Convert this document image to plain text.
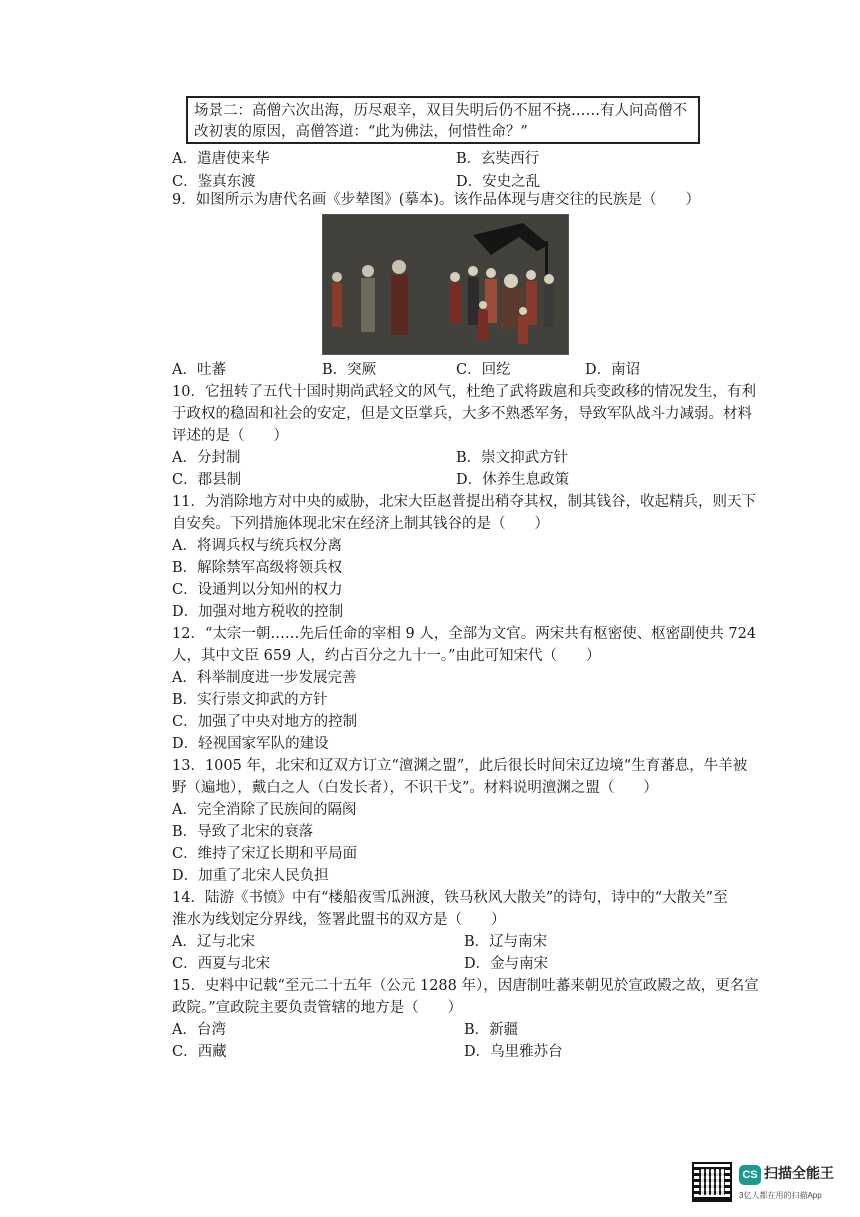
场景二：高僧六次出海，历尽艰辛，双目失明后仍不屈不挠……有人问高僧不改初衷的原因，高僧答道：“此为佛法，何惜性命？”
A．遣唐使来华	B．玄奘西行
C．鉴真东渡	D．安史之乱
9．如图所示为唐代名画《步辇图》(摹本)。该作品体现与唐交往的民族是（　　）
A．吐蕃	B．突厥	C．回纥	D．南诏
10．它扭转了五代十国时期尚武轻文的风气，杜绝了武将跋扈和兵变政移的情况发生，有利
于政权的稳固和社会的安定，但是文臣掌兵，大多不熟悉军务，导致军队战斗力减弱。材料
评述的是（　　）
A．分封制	B．崇文抑武方针
C．郡县制	D．休养生息政策
11．为消除地方对中央的威胁，北宋大臣赵普提出稍夺其权，制其钱谷，收起精兵，则天下
自安矣。下列措施体现北宋在经济上制其钱谷的是（　　）
A．将调兵权与统兵权分离
B．解除禁军高级将领兵权
C．设通判以分知州的权力
D．加强对地方税收的控制
12．“太宗一朝……先后任命的宰相 9 人，全部为文官。两宋共有枢密使、枢密副使共 724
人，其中文臣 659 人，约占百分之九十一。”由此可知宋代（　　）
A．科举制度进一步发展完善
B．实行崇文抑武的方针
C．加强了中央对地方的控制
D．轻视国家军队的建设
13．1005 年，北宋和辽双方订立“澶渊之盟”，此后很长时间宋辽边境“生育蕃息，牛羊被
野（遍地），戴白之人（白发长者），不识干戈”。材料说明澶渊之盟（　　）
A．完全消除了民族间的隔阂
B．导致了北宋的衰落
C．维持了宋辽长期和平局面
D．加重了北宋人民负担
14．陆游《书愤》中有“楼船夜雪瓜洲渡，铁马秋风大散关”的诗句，诗中的“大散关”至
淮水为线划定分界线，签署此盟书的双方是（　　）
A．辽与北宋	B．辽与南宋
C．西夏与北宋	D．金与南宋
15．史料中记载“至元二十五年（公元 1288 年），因唐制吐蕃来朝见於宣政殿之故，更名宣
政院。”宣政院主要负责管辖的地方是（　　）
A．台湾	B．新疆
C．西藏	D．乌里雅苏台
CS 扫描全能王
3亿人都在用的扫描App
